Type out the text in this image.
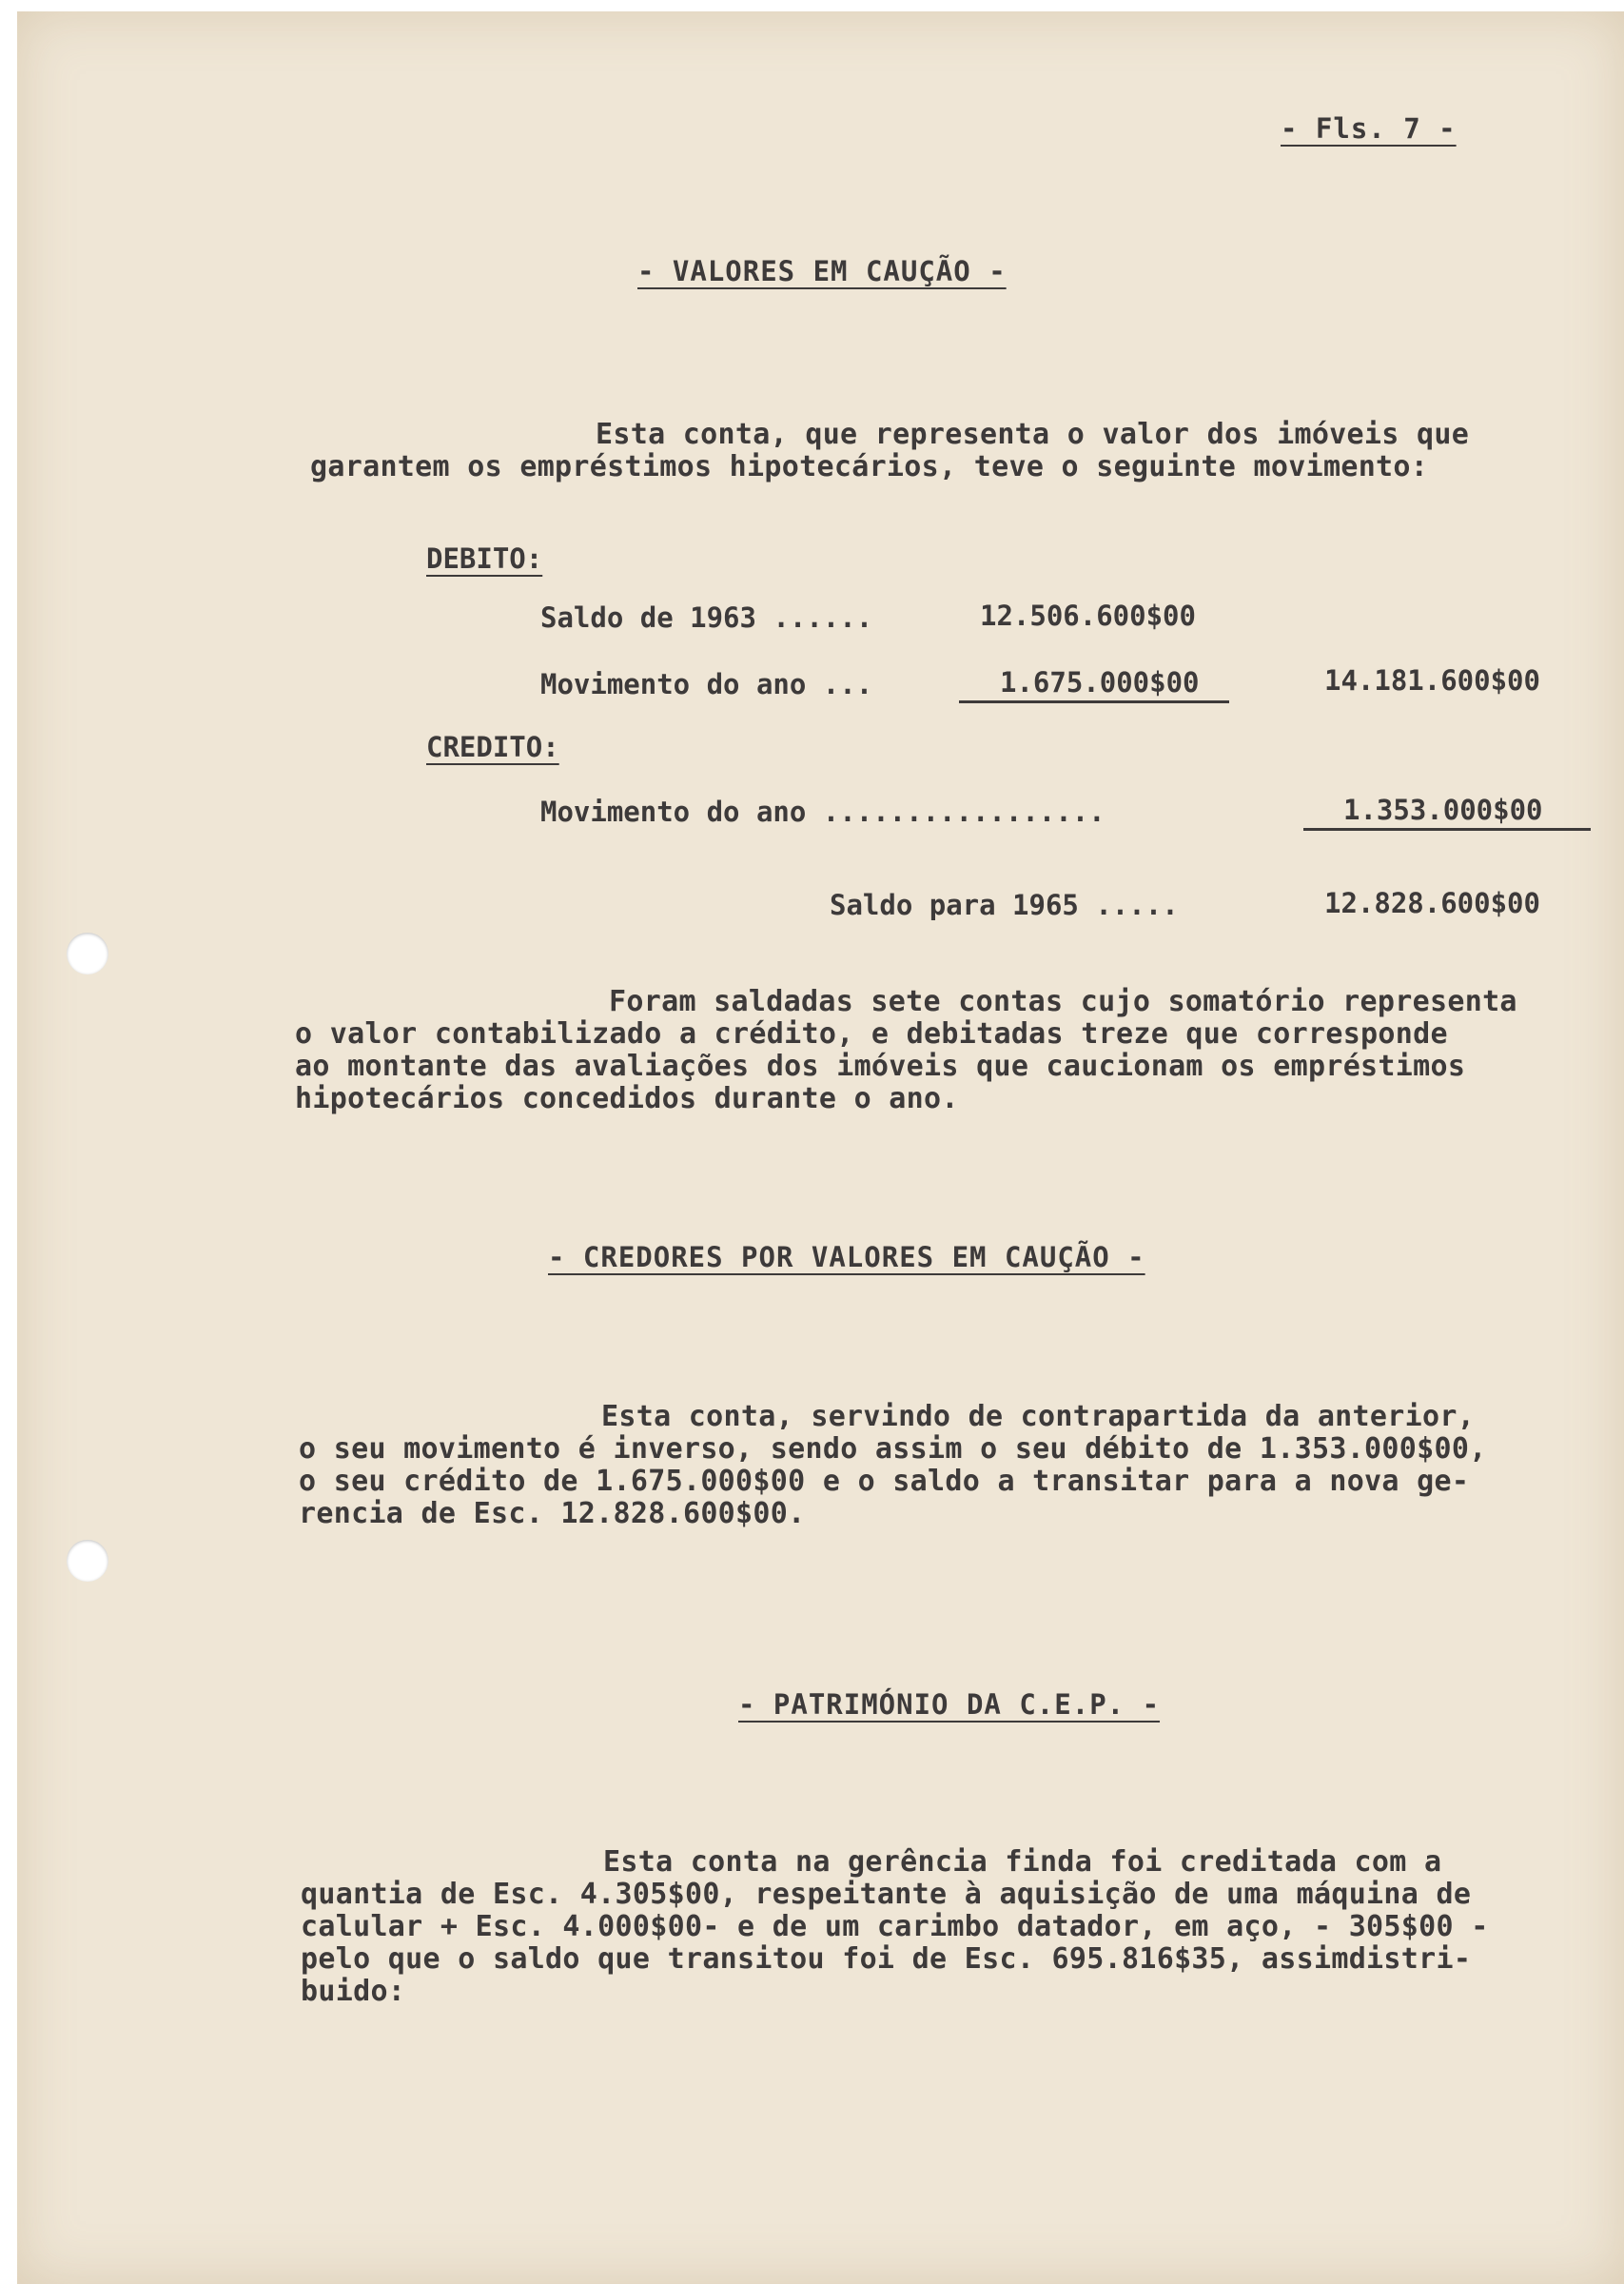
- Fls. 7 -
- VALORES EM CAUÇÃO -
Esta conta, que representa o valor dos imóveis que
garantem os empréstimos hipotecários, teve o seguinte movimento:
DEBITO:
Saldo de 1963 ......	12.506.600$00
Movimento do ano ...	1.675.000$00	14.181.600$00
CREDITO:
Movimento do ano .................	1.353.000$00
Saldo para 1965 .....	12.828.600$00
Foram saldadas sete contas cujo somatório representa
o valor contabilizado a crédito, e debitadas treze que corresponde
ao montante das avaliações dos imóveis que caucionam os empréstimos
hipotecários concedidos durante o ano.
- CREDORES POR VALORES EM CAUÇÃO -
Esta conta, servindo de contrapartida da anterior,
o seu movimento é inverso, sendo assim o seu débito de 1.353.000$00,
o seu crédito de 1.675.000$00 e o saldo a transitar para a nova ge-
rencia de Esc. 12.828.600$00.
- PATRIMÓNIO DA C.E.P. -
Esta conta na gerência finda foi creditada com a
quantia de Esc. 4.305$00, respeitante à aquisição de uma máquina de
calular + Esc. 4.000$00- e de um carimbo datador, em aço, - 305$00 -
pelo que o saldo que transitou foi de Esc. 695.816$35, assimdistri-
buido:
